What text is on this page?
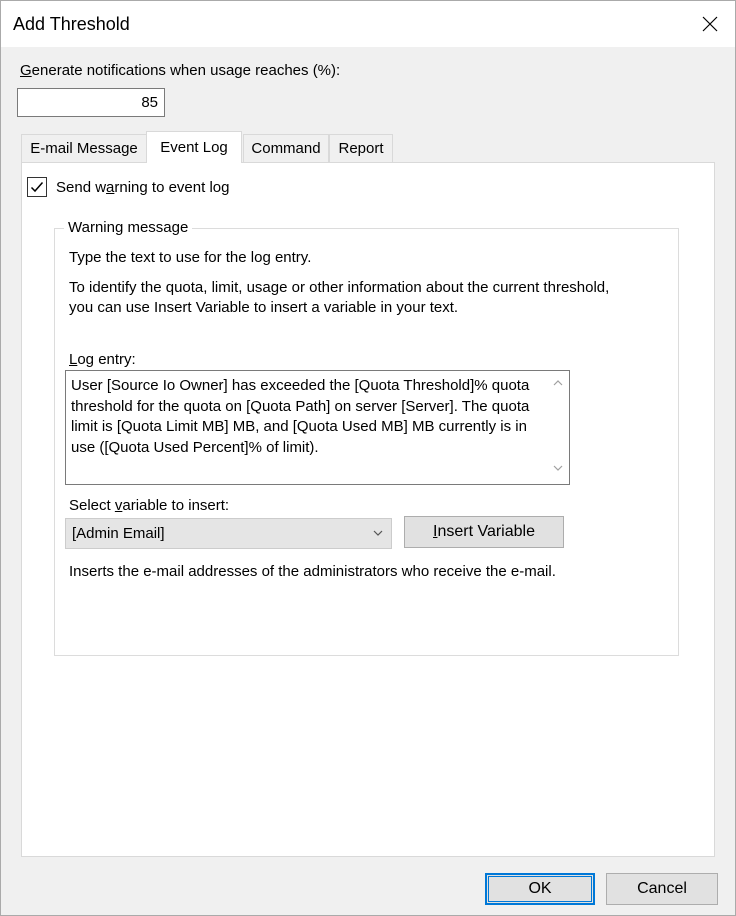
Add Threshold
Generate notifications when usage reaches (%):
85
E-mail Message Event Log Command Report
Send warning to event log
Warning message
Type the text to use for the log entry.
To identify the quota, limit, usage or other information about the current threshold,
you can use Insert Variable to insert a variable in your text.
Log entry:
User [Source Io Owner] has exceeded the [Quota Threshold]% quota threshold for the quota on [Quota Path] on server [Server]. The quota limit is [Quota Limit MB] MB, and [Quota Used MB] MB currently is in use ([Quota Used Percent]% of limit).
Select variable to insert:
[Admin Email]	I nsert Variable
Inserts the e-mail addresses of the administrators who receive the e-mail.
OK	Cancel
